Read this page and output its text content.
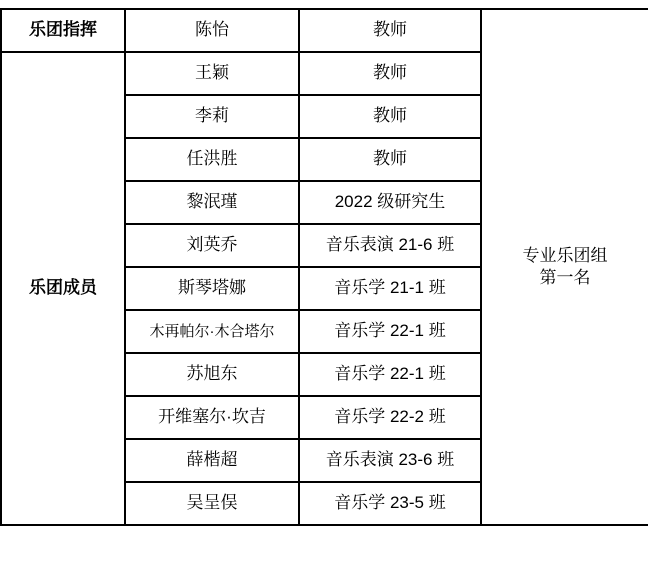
乐团指挥	陈怡	教师	专业乐团组
第一名

乐团成员	王颖	教师	
	李莉	教师	
	任洪胜	教师	
	黎泯瑾	2022 级研究生	
	刘英乔	音乐表演 21-6 班	
	斯琴塔娜	音乐学 21-1 班	
	木再帕尔·木合塔尔	音乐学 22-1 班	
	苏旭东	音乐学 22-1 班	
	开维塞尔·坎吉	音乐学 22-2 班	
	薛楷超	音乐表演 23-6 班	
	吴呈俣	音乐学 23-5 班	
